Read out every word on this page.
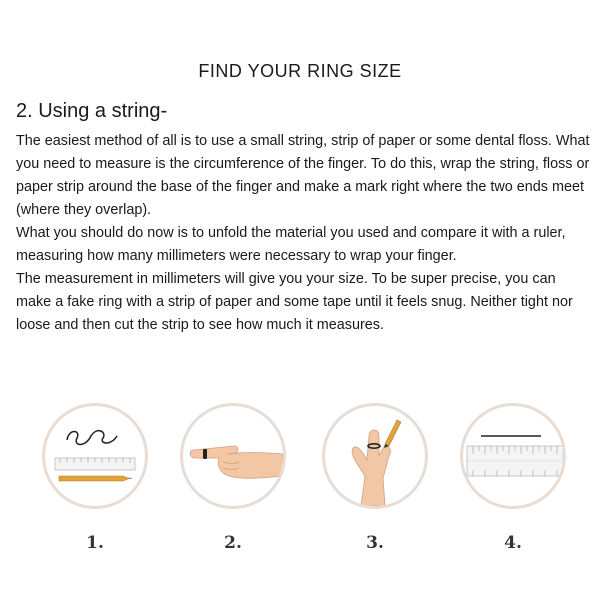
FIND YOUR RING SIZE
2. Using a string-

The easiest method of all is to use a small string, strip of paper or some dental floss. What you need to measure is the circumference of the finger. To do this, wrap the string, floss or paper strip around the base of the finger and make a mark right where the two ends meet (where they overlap).

What you should do now is to unfold the material you used and compare it with a ruler, measuring how many millimeters were necessary to wrap your finger.

The measurement in millimeters will give you your size. To be super precise, you can make a fake ring with a strip of paper and some tape until it feels snug. Neither tight nor loose and then cut the strip to see how much it measures.

1.	2.	3.	4.
